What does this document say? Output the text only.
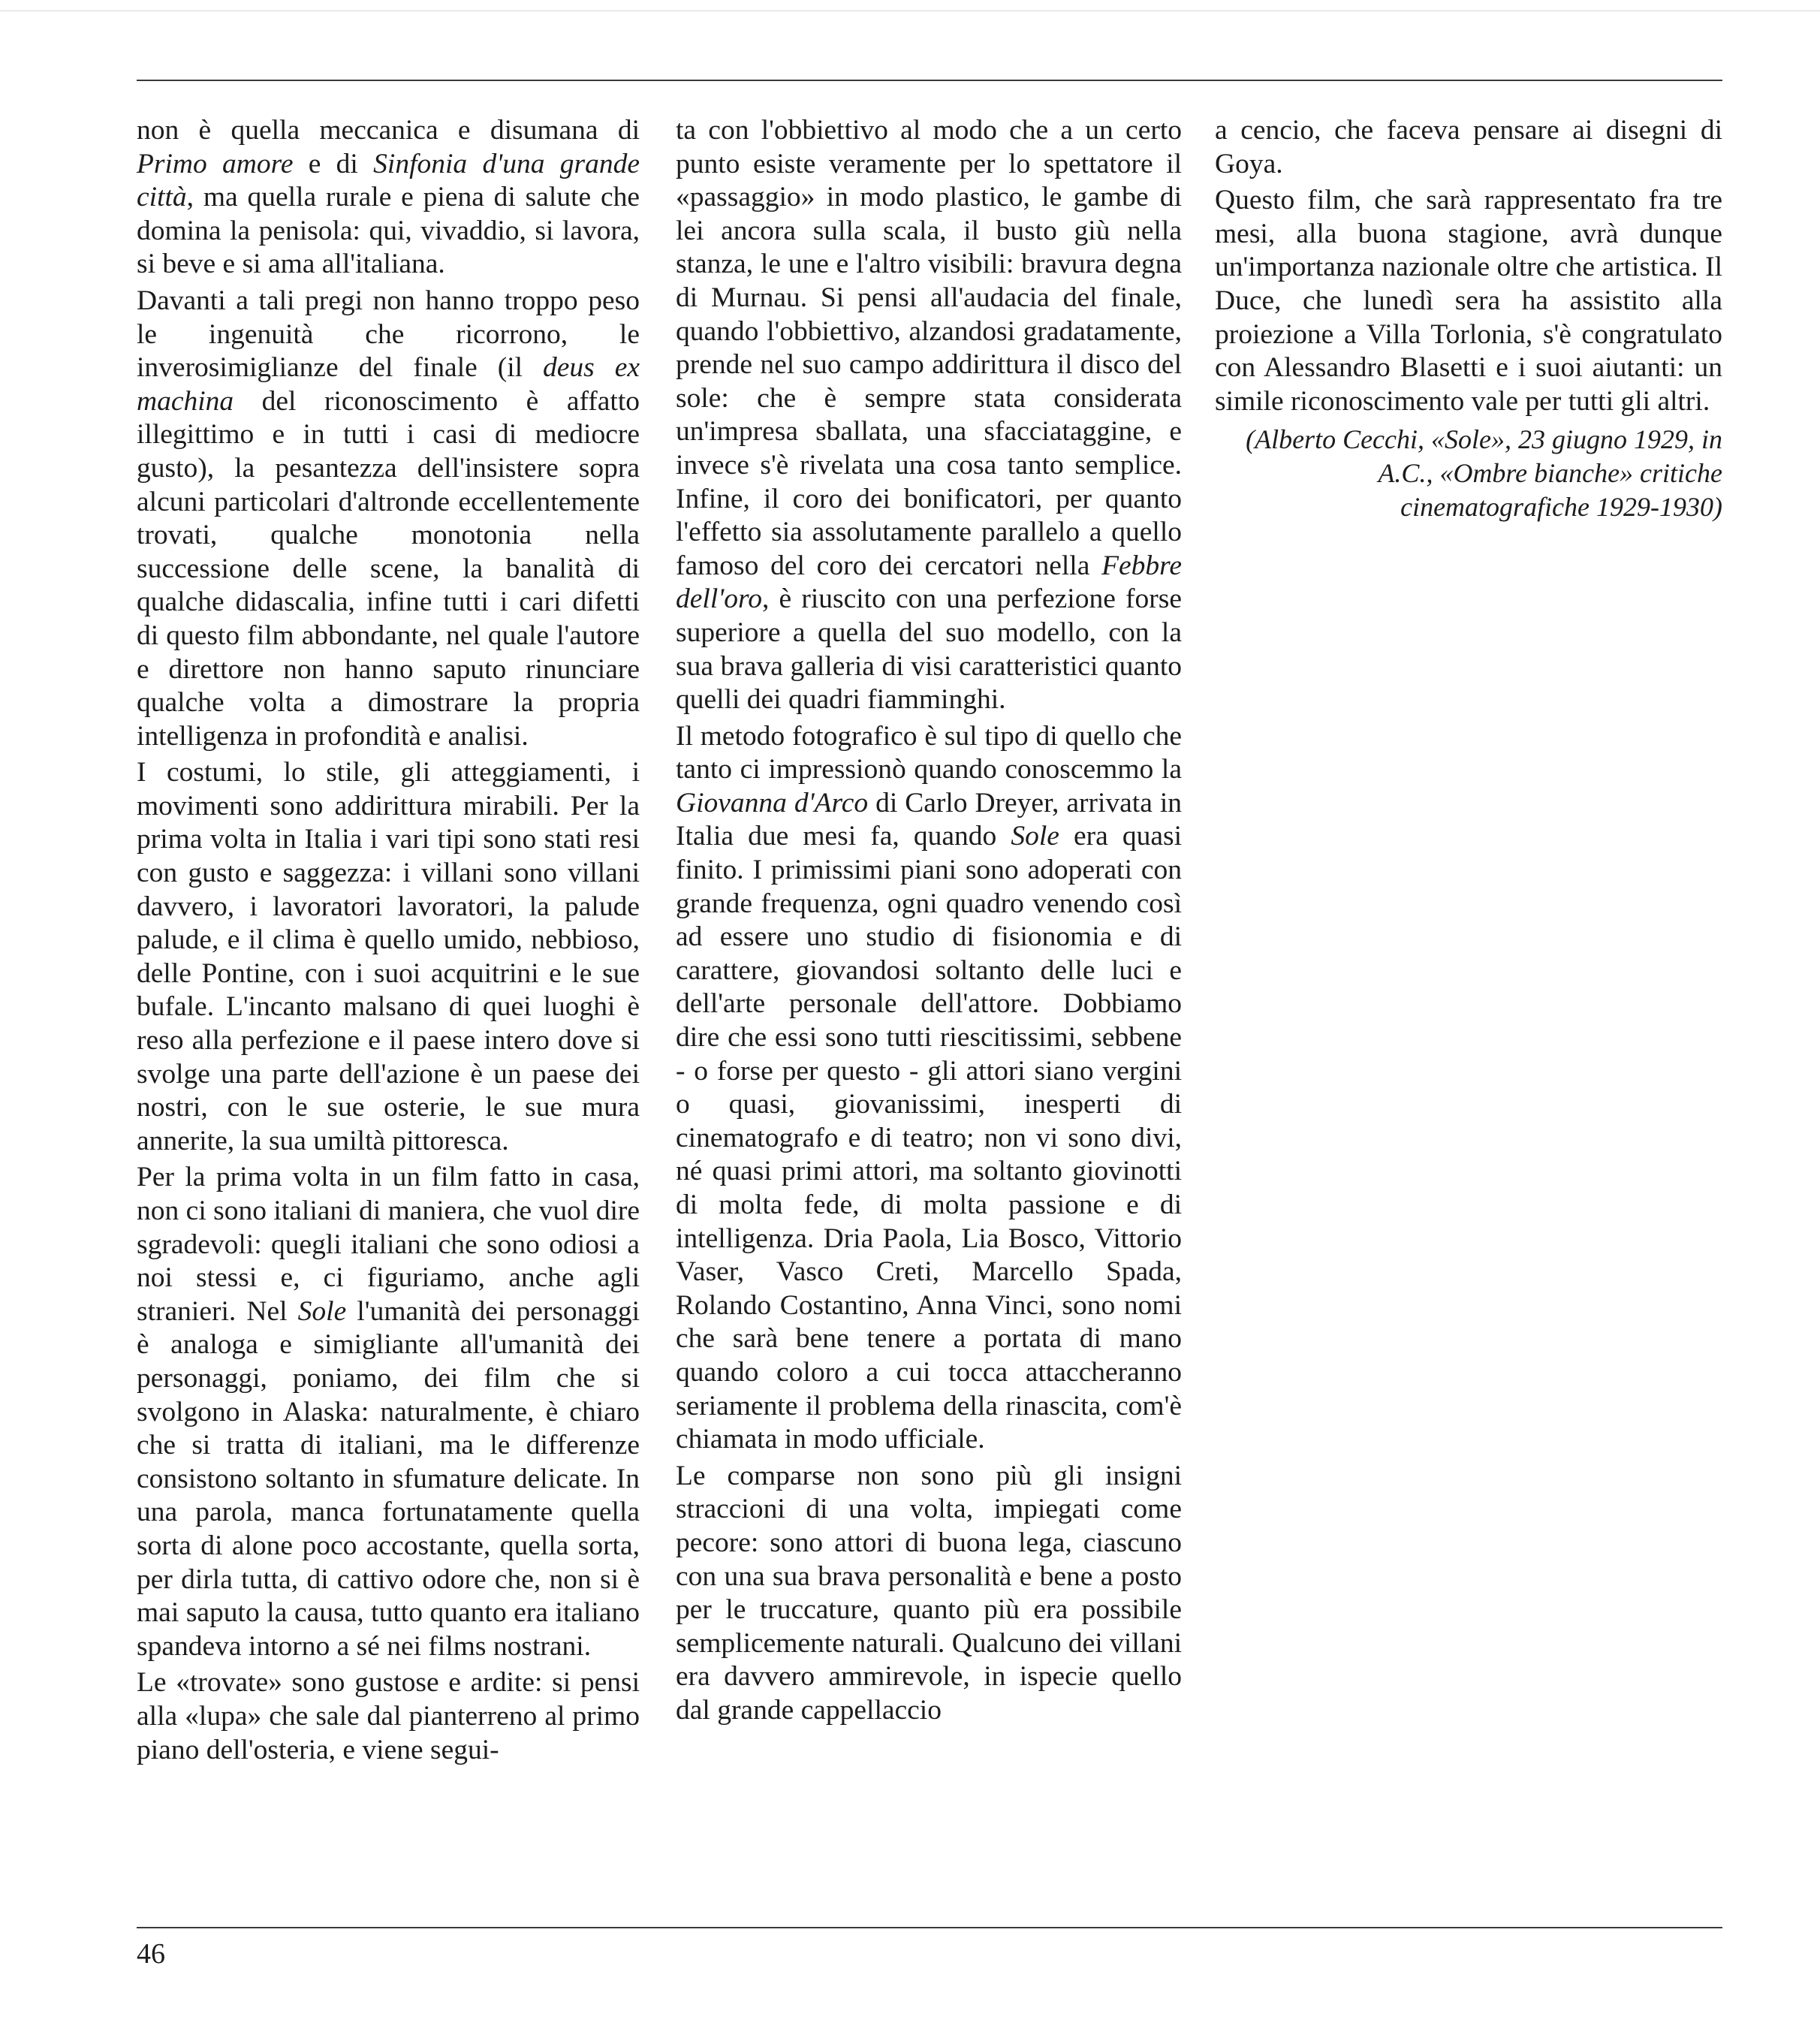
non è quella meccanica e disumana di Primo amore e di Sinfonia d'una grande città, ma quella rurale e piena di salute che domina la penisola: qui, vivaddio, si lavora, si beve e si ama all'italiana.

Davanti a tali pregi non hanno troppo peso le ingenuità che ricorrono, le inverosimiglianze del finale (il deus ex machina del riconoscimento è affatto illegittimo e in tutti i casi di mediocre gusto), la pesantezza dell'insistere sopra alcuni particolari d'altronde eccellentemente trovati, qualche monotonia nella successione delle scene, la banalità di qualche didascalia, infine tutti i cari difetti di questo film abbondante, nel quale l'autore e direttore non hanno saputo rinunciare qualche volta a dimostrare la propria intelligenza in profondità e analisi.

I costumi, lo stile, gli atteggiamenti, i movimenti sono addirittura mirabili. Per la prima volta in Italia i vari tipi sono stati resi con gusto e saggezza: i villani sono villani davvero, i lavoratori lavoratori, la palude palude, e il clima è quello umido, nebbioso, delle Pontine, con i suoi acquitrini e le sue bufale. L'incanto malsano di quei luoghi è reso alla perfezione e il paese intero dove si svolge una parte dell'azione è un paese dei nostri, con le sue osterie, le sue mura annerite, la sua umiltà pittoresca.

Per la prima volta in un film fatto in casa, non ci sono italiani di maniera, che vuol dire sgradevoli: quegli italiani che sono odiosi a noi stessi e, ci figuriamo, anche agli stranieri. Nel Sole l'umanità dei personaggi è analoga e simigliante all'umanità dei personaggi, poniamo, dei film che si svolgono in Alaska: naturalmente, è chiaro che si tratta di italiani, ma le differenze consistono soltanto in sfumature delicate. In una parola, manca fortunatamente quella sorta di alone poco accostante, quella sorta, per dirla tutta, di cattivo odore che, non si è mai saputo la causa, tutto quanto era italiano spandeva intorno a sé nei films nostrani.

Le «trovate» sono gustose e ardite: si pensi alla «lupa» che sale dal pianterreno al primo piano dell'osteria, e viene segui-

ta con l'obbiettivo al modo che a un certo punto esiste veramente per lo spettatore il «passaggio» in modo plastico, le gambe di lei ancora sulla scala, il busto giù nella stanza, le une e l'altro visibili: bravura degna di Murnau. Si pensi all'audacia del finale, quando l'obbiettivo, alzandosi gradatamente, prende nel suo campo addirittura il disco del sole: che è sempre stata considerata un'impresa sballata, una sfacciataggine, e invece s'è rivelata una cosa tanto semplice. Infine, il coro dei bonificatori, per quanto l'effetto sia assolutamente parallelo a quello famoso del coro dei cercatori nella Febbre dell'oro, è riuscito con una perfezione forse superiore a quella del suo modello, con la sua brava galleria di visi caratteristici quanto quelli dei quadri fiamminghi.

Il metodo fotografico è sul tipo di quello che tanto ci impressionò quando conoscemmo la Giovanna d'Arco di Carlo Dreyer, arrivata in Italia due mesi fa, quando Sole era quasi finito. I primissimi piani sono adoperati con grande frequenza, ogni quadro venendo così ad essere uno studio di fisionomia e di carattere, giovandosi soltanto delle luci e dell'arte personale dell'attore. Dobbiamo dire che essi sono tutti riescitissimi, sebbene - o forse per questo - gli attori siano vergini o quasi, giovanissimi, inesperti di cinematografo e di teatro; non vi sono divi, né quasi primi attori, ma soltanto giovinotti di molta fede, di molta passione e di intelligenza. Dria Paola, Lia Bosco, Vittorio Vaser, Vasco Creti, Marcello Spada, Rolando Costantino, Anna Vinci, sono nomi che sarà bene tenere a portata di mano quando coloro a cui tocca attaccheranno seriamente il problema della rinascita, com'è chiamata in modo ufficiale.

Le comparse non sono più gli insigni straccioni di una volta, impiegati come pecore: sono attori di buona lega, ciascuno con una sua brava personalità e bene a posto per le truccature, quanto più era possibile semplicemente naturali. Qualcuno dei villani era davvero ammirevole, in ispecie quello dal grande cappellaccio

a cencio, che faceva pensare ai disegni di Goya.

Questo film, che sarà rappresentato fra tre mesi, alla buona stagione, avrà dunque un'importanza nazionale oltre che artistica. Il Duce, che lunedì sera ha assistito alla proiezione a Villa Torlonia, s'è congratulato con Alessandro Blasetti e i suoi aiutanti: un simile riconoscimento vale per tutti gli altri.

(Alberto Cecchi, «Sole», 23 giugno 1929, in
A.C., «Ombre bianche» critiche
cinematografiche 1929-1930)
46
